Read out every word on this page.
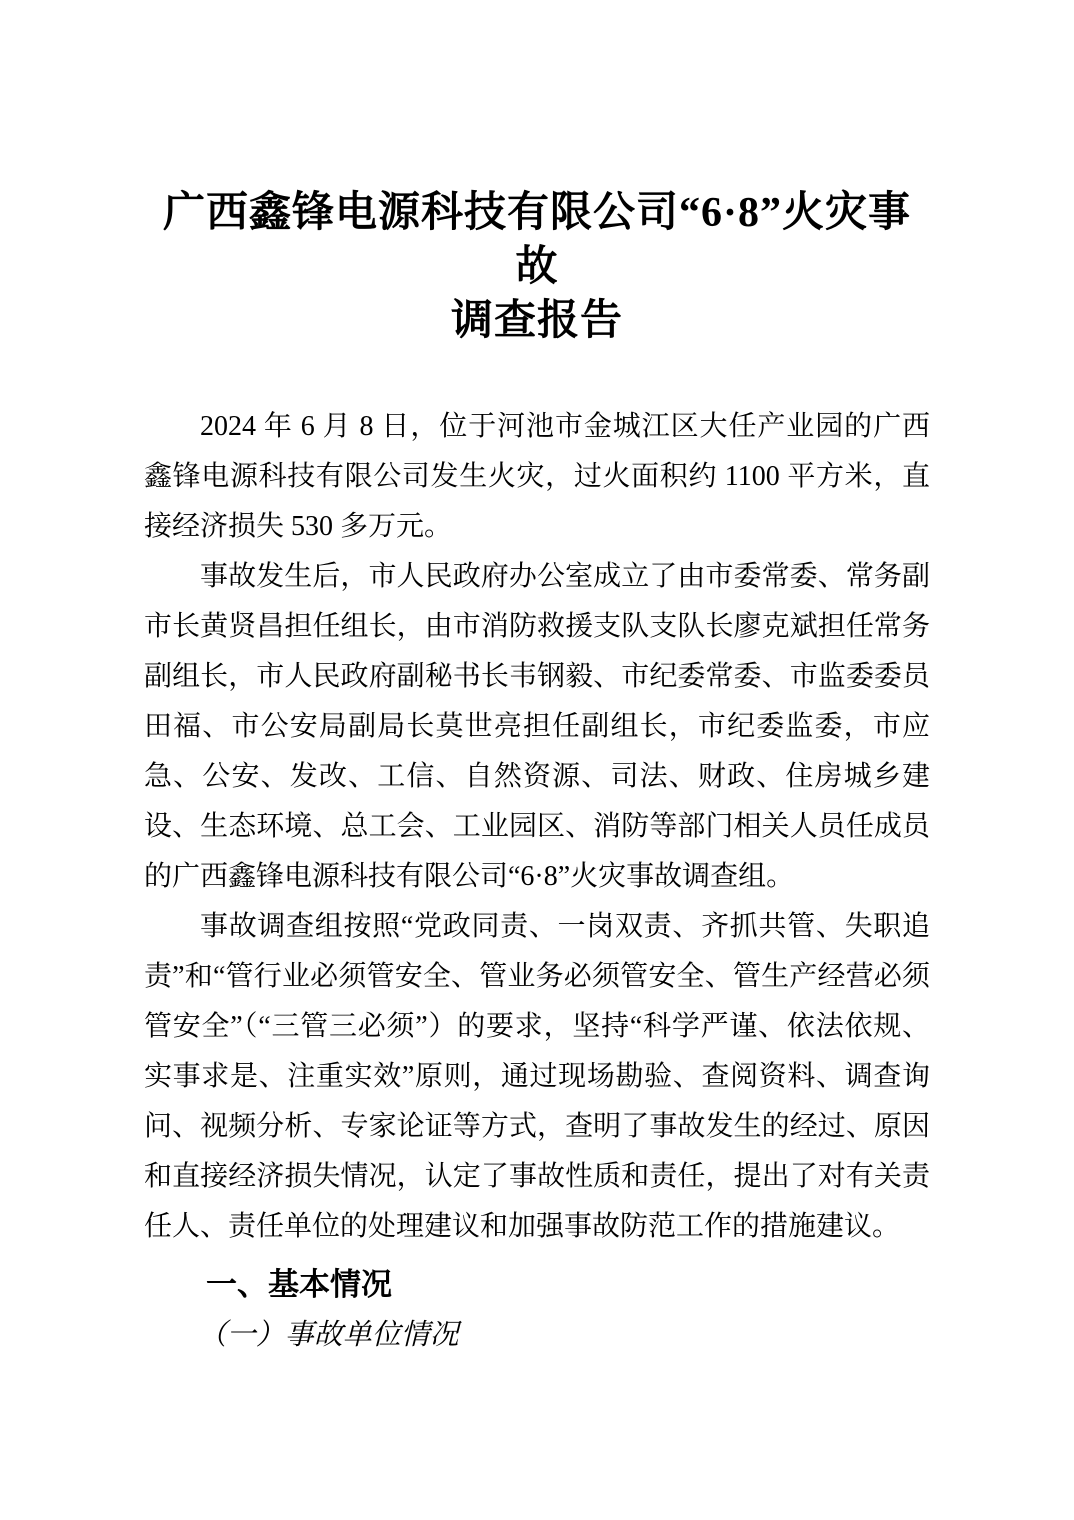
广西鑫锋电源科技有限公司“6·8”火灾事故
调查报告

2024 年 6 月 8 日，位于河池市金城江区大任产业园的广西鑫锋电源科技有限公司发生火灾，过火面积约 1100 平方米，直接经济损失 530 多万元。

事故发生后，市人民政府办公室成立了由市委常委、常务副市长黄贤昌担任组长，由市消防救援支队支队长廖克斌担任常务副组长，市人民政府副秘书长韦钢毅、市纪委常委、市监委委员田福、市公安局副局长莫世亮担任副组长，市纪委监委，市应急、公安、发改、工信、自然资源、司法、财政、住房城乡建设、生态环境、总工会、工业园区、消防等部门相关人员任成员的广西鑫锋电源科技有限公司“6·8”火灾事故调查组。

事故调查组按照“党政同责、一岗双责、齐抓共管、失职追责”和“管行业必须管安全、管业务必须管安全、管生产经营必须管安全”（“三管三必须”）的要求，坚持“科学严谨、依法依规、实事求是、注重实效”原则，通过现场勘验、查阅资料、调查询问、视频分析、专家论证等方式，查明了事故发生的经过、原因和直接经济损失情况，认定了事故性质和责任，提出了对有关责任人、责任单位的处理建议和加强事故防范工作的措施建议。

一、基本情况
（一）事故单位情况
